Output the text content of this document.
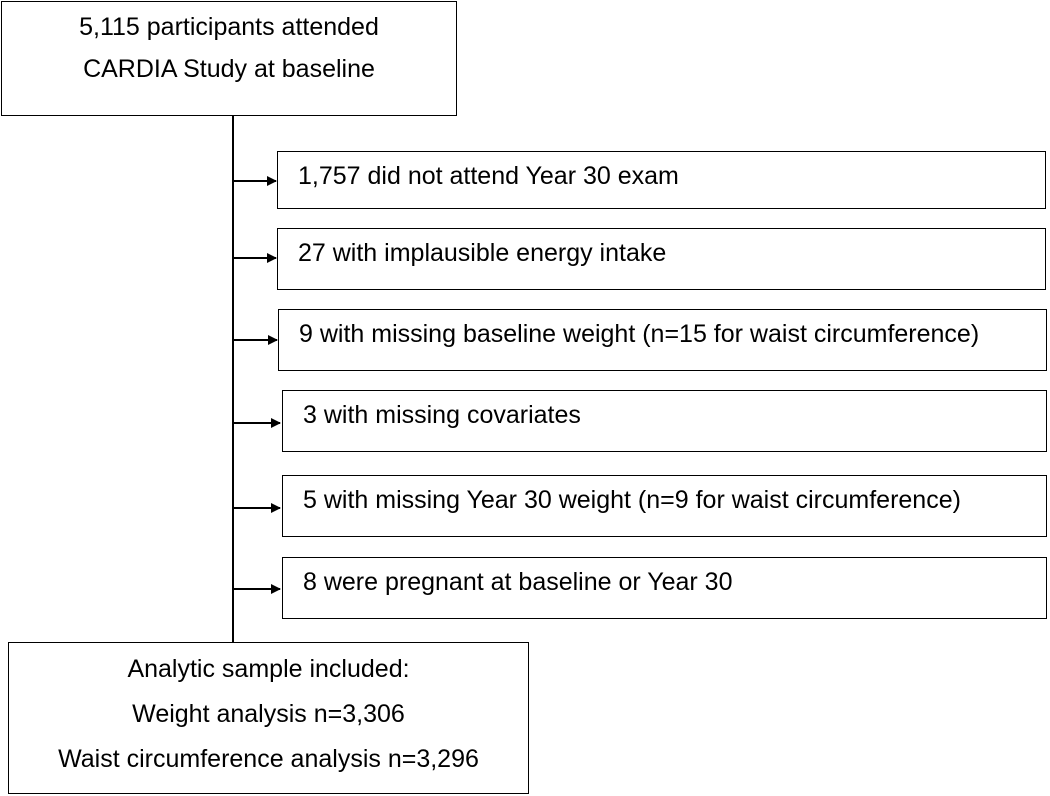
5,115 participants attended
CARDIA Study at baseline
1,757 did not attend Year 30 exam
27 with implausible energy intake
9 with missing baseline weight (n=15 for waist circumference)
3 with missing covariates
5 with missing Year 30 weight (n=9 for waist circumference)
8 were pregnant at baseline or Year 30
Analytic sample included:
Weight analysis n=3,306
Waist circumference analysis n=3,296
